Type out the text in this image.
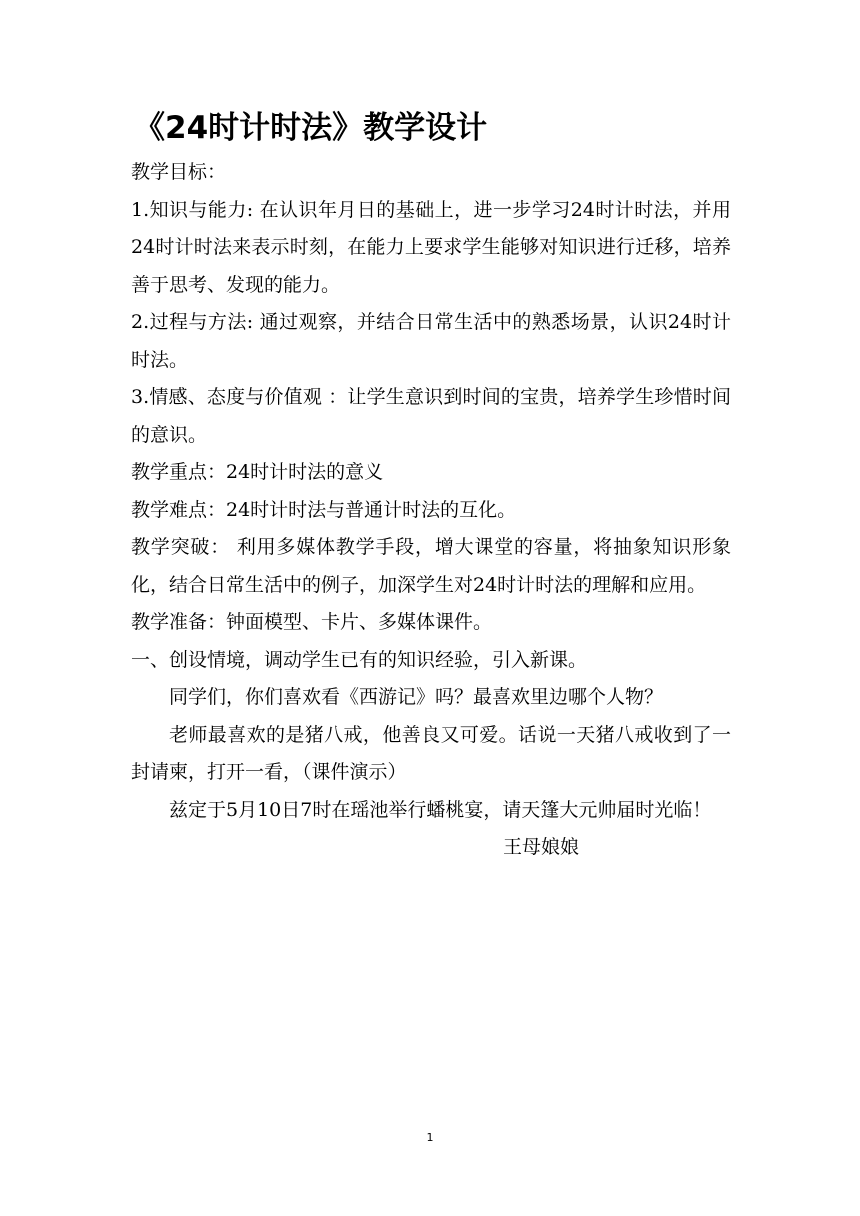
《24时计时法》教学设计

教学目标：

1.知识与能力: 在认识年月日的基础上，进一步学习24时计时法，并用24时计时法来表示时刻，在能力上要求学生能够对知识进行迁移，培养善于思考、发现的能力。

2.过程与方法: 通过观察，并结合日常生活中的熟悉场景，认识24时计时法。

3.情感、态度与价值观 ：让学生意识到时间的宝贵，培养学生珍惜时间的意识。

教学重点：24时计时法的意义

教学难点：24时计时法与普通计时法的互化。

教学突破： 利用多媒体教学手段，增大课堂的容量，将抽象知识形象化，结合日常生活中的例子，加深学生对24时计时法的理解和应用。

教学准备：钟面模型、卡片、多媒体课件。

一、创设情境，调动学生已有的知识经验，引入新课。

同学们，你们喜欢看《西游记》吗？最喜欢里边哪个人物？

老师最喜欢的是猪八戒，他善良又可爱。话说一天猪八戒收到了一封请柬，打开一看，（课件演示）

兹定于5月10日7时在瑶池举行蟠桃宴，请天篷大元帅届时光临！

王母娘娘

1
